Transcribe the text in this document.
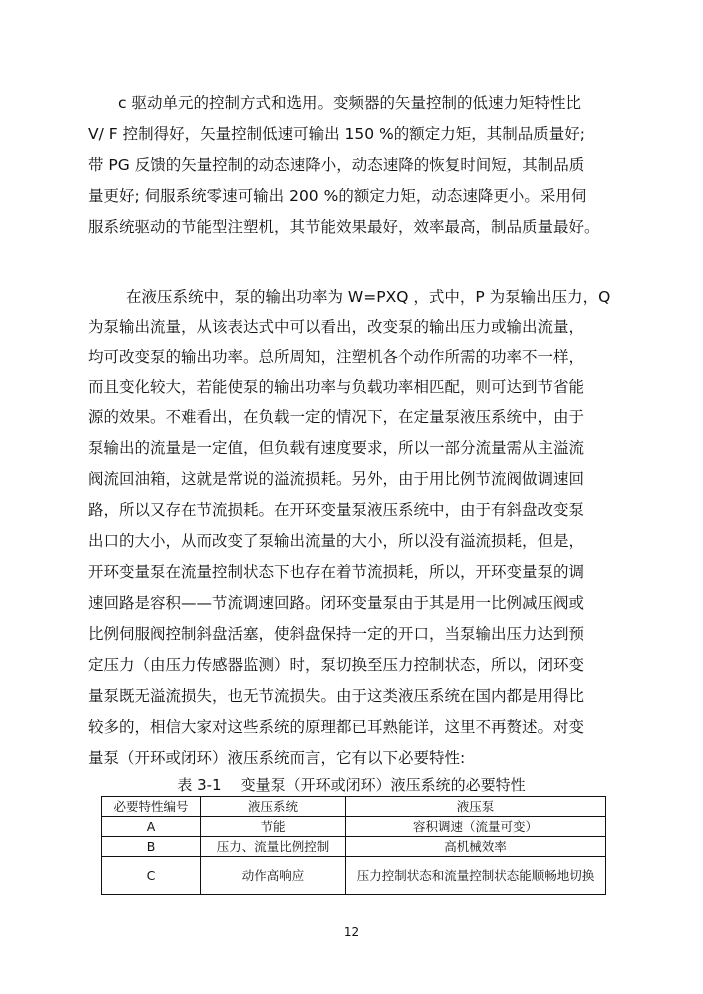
c 驱动单元的控制方式和选用。变频器的矢量控制的低速力矩特性比
V/ F 控制得好，矢量控制低速可输出 150 %的额定力矩，其制品质量好;
带 PG 反馈的矢量控制的动态速降小，动态速降的恢复时间短，其制品质
量更好; 伺服系统零速可输出 200 %的额定力矩，动态速降更小。采用伺
服系统驱动的节能型注塑机，其节能效果最好，效率最高，制品质量最好。
在液压系统中，泵的输出功率为 W=PXQ ，式中，P 为泵输出压力，Q
为泵输出流量，从该表达式中可以看出，改变泵的输出压力或输出流量，
均可改变泵的输出功率。总所周知，注塑机各个动作所需的功率不一样，
而且变化较大，若能使泵的输出功率与负载功率相匹配，则可达到节省能
源的效果。不难看出，在负载一定的情况下，在定量泵液压系统中，由于
泵输出的流量是一定值，但负载有速度要求，所以一部分流量需从主溢流
阀流回油箱，这就是常说的溢流损耗。另外，由于用比例节流阀做调速回
路，所以又存在节流损耗。在开环变量泵液压系统中，由于有斜盘改变泵
出口的大小，从而改变了泵输出流量的大小，所以没有溢流损耗，但是，
开环变量泵在流量控制状态下也存在着节流损耗，所以，开环变量泵的调
速回路是容积——节流调速回路。闭环变量泵由于其是用一比例减压阀或
比例伺服阀控制斜盘活塞，使斜盘保持一定的开口，当泵输出压力达到预
定压力（由压力传感器监测）时，泵切换至压力控制状态，所以，闭环变
量泵既无溢流损失，也无节流损失。由于这类液压系统在国内都是用得比
较多的，相信大家对这些系统的原理都已耳熟能详，这里不再赘述。对变
量泵（开环或闭环）液压系统而言，它有以下必要特性:
表 3-1    变量泵（开环或闭环）液压系统的必要特性
必要特性编号	液压系统	液压泵
A	节能	容积调速（流量可变）
B	压力、流量比例控制	高机械效率
C	动作高响应	压力控制状态和流量控制状态能顺畅地切换
12
